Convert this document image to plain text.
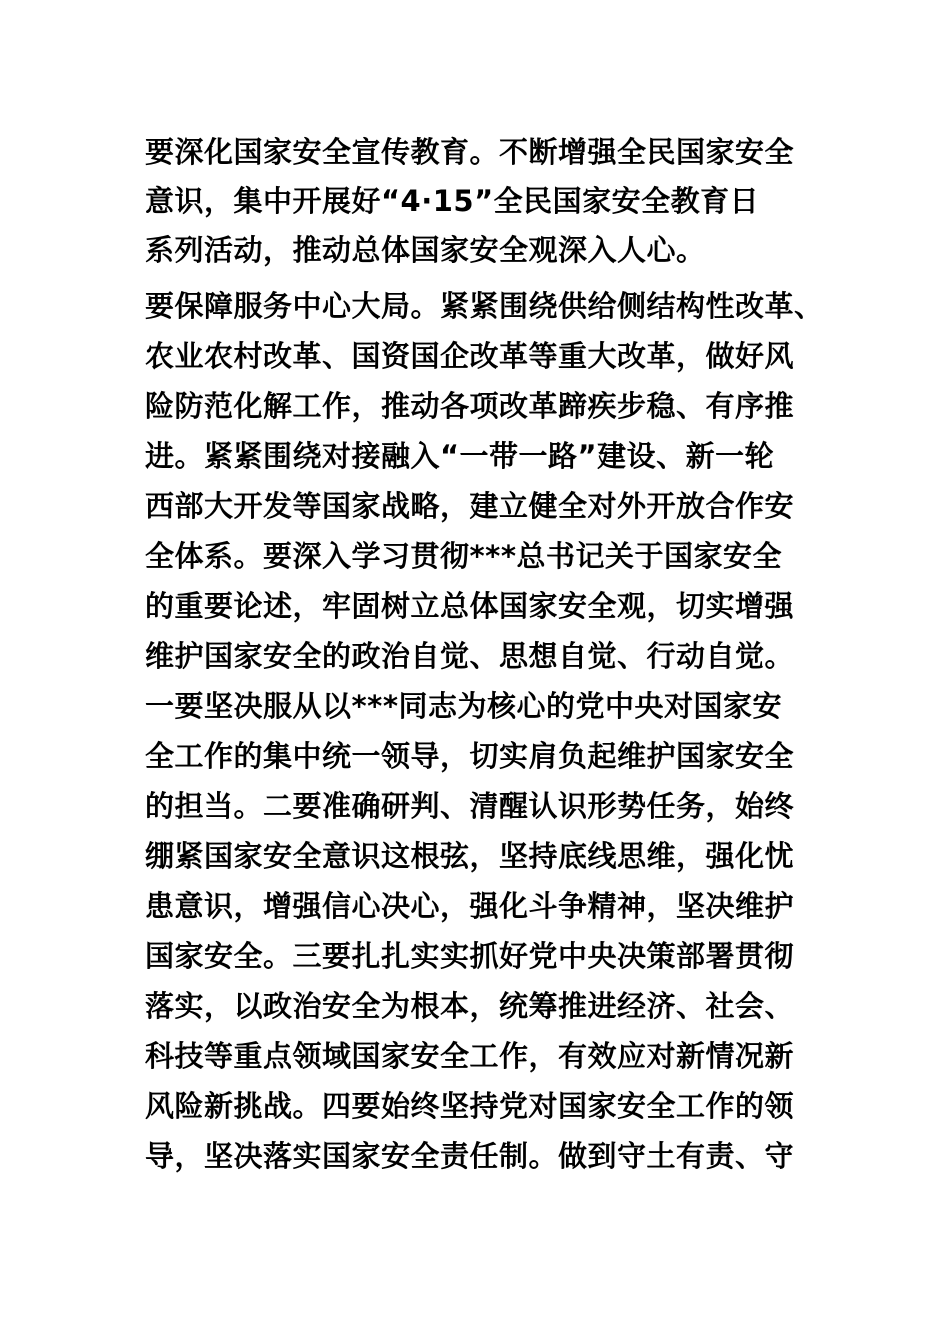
要深化国家安全宣传教育。不断增强全民国家安全
意识，集中开展好“4·15”全民国家安全教育日
系列活动，推动总体国家安全观深入人心。
要保障服务中心大局。紧紧围绕供给侧结构性改革、
农业农村改革、国资国企改革等重大改革，做好风
险防范化解工作，推动各项改革蹄疾步稳、有序推
进。紧紧围绕对接融入“一带一路”建设、新一轮
西部大开发等国家战略，建立健全对外开放合作安
全体系。要深入学习贯彻***总书记关于国家安全
的重要论述，牢固树立总体国家安全观，切实增强
维护国家安全的政治自觉、思想自觉、行动自觉。
一要坚决服从以***同志为核心的党中央对国家安
全工作的集中统一领导，切实肩负起维护国家安全
的担当。二要准确研判、清醒认识形势任务，始终
绷紧国家安全意识这根弦，坚持底线思维，强化忧
患意识，增强信心决心，强化斗争精神，坚决维护
国家安全。三要扎扎实实抓好党中央决策部署贯彻
落实，以政治安全为根本，统筹推进经济、社会、
科技等重点领域国家安全工作，有效应对新情况新
风险新挑战。四要始终坚持党对国家安全工作的领
导，坚决落实国家安全责任制。做到守土有责、守
